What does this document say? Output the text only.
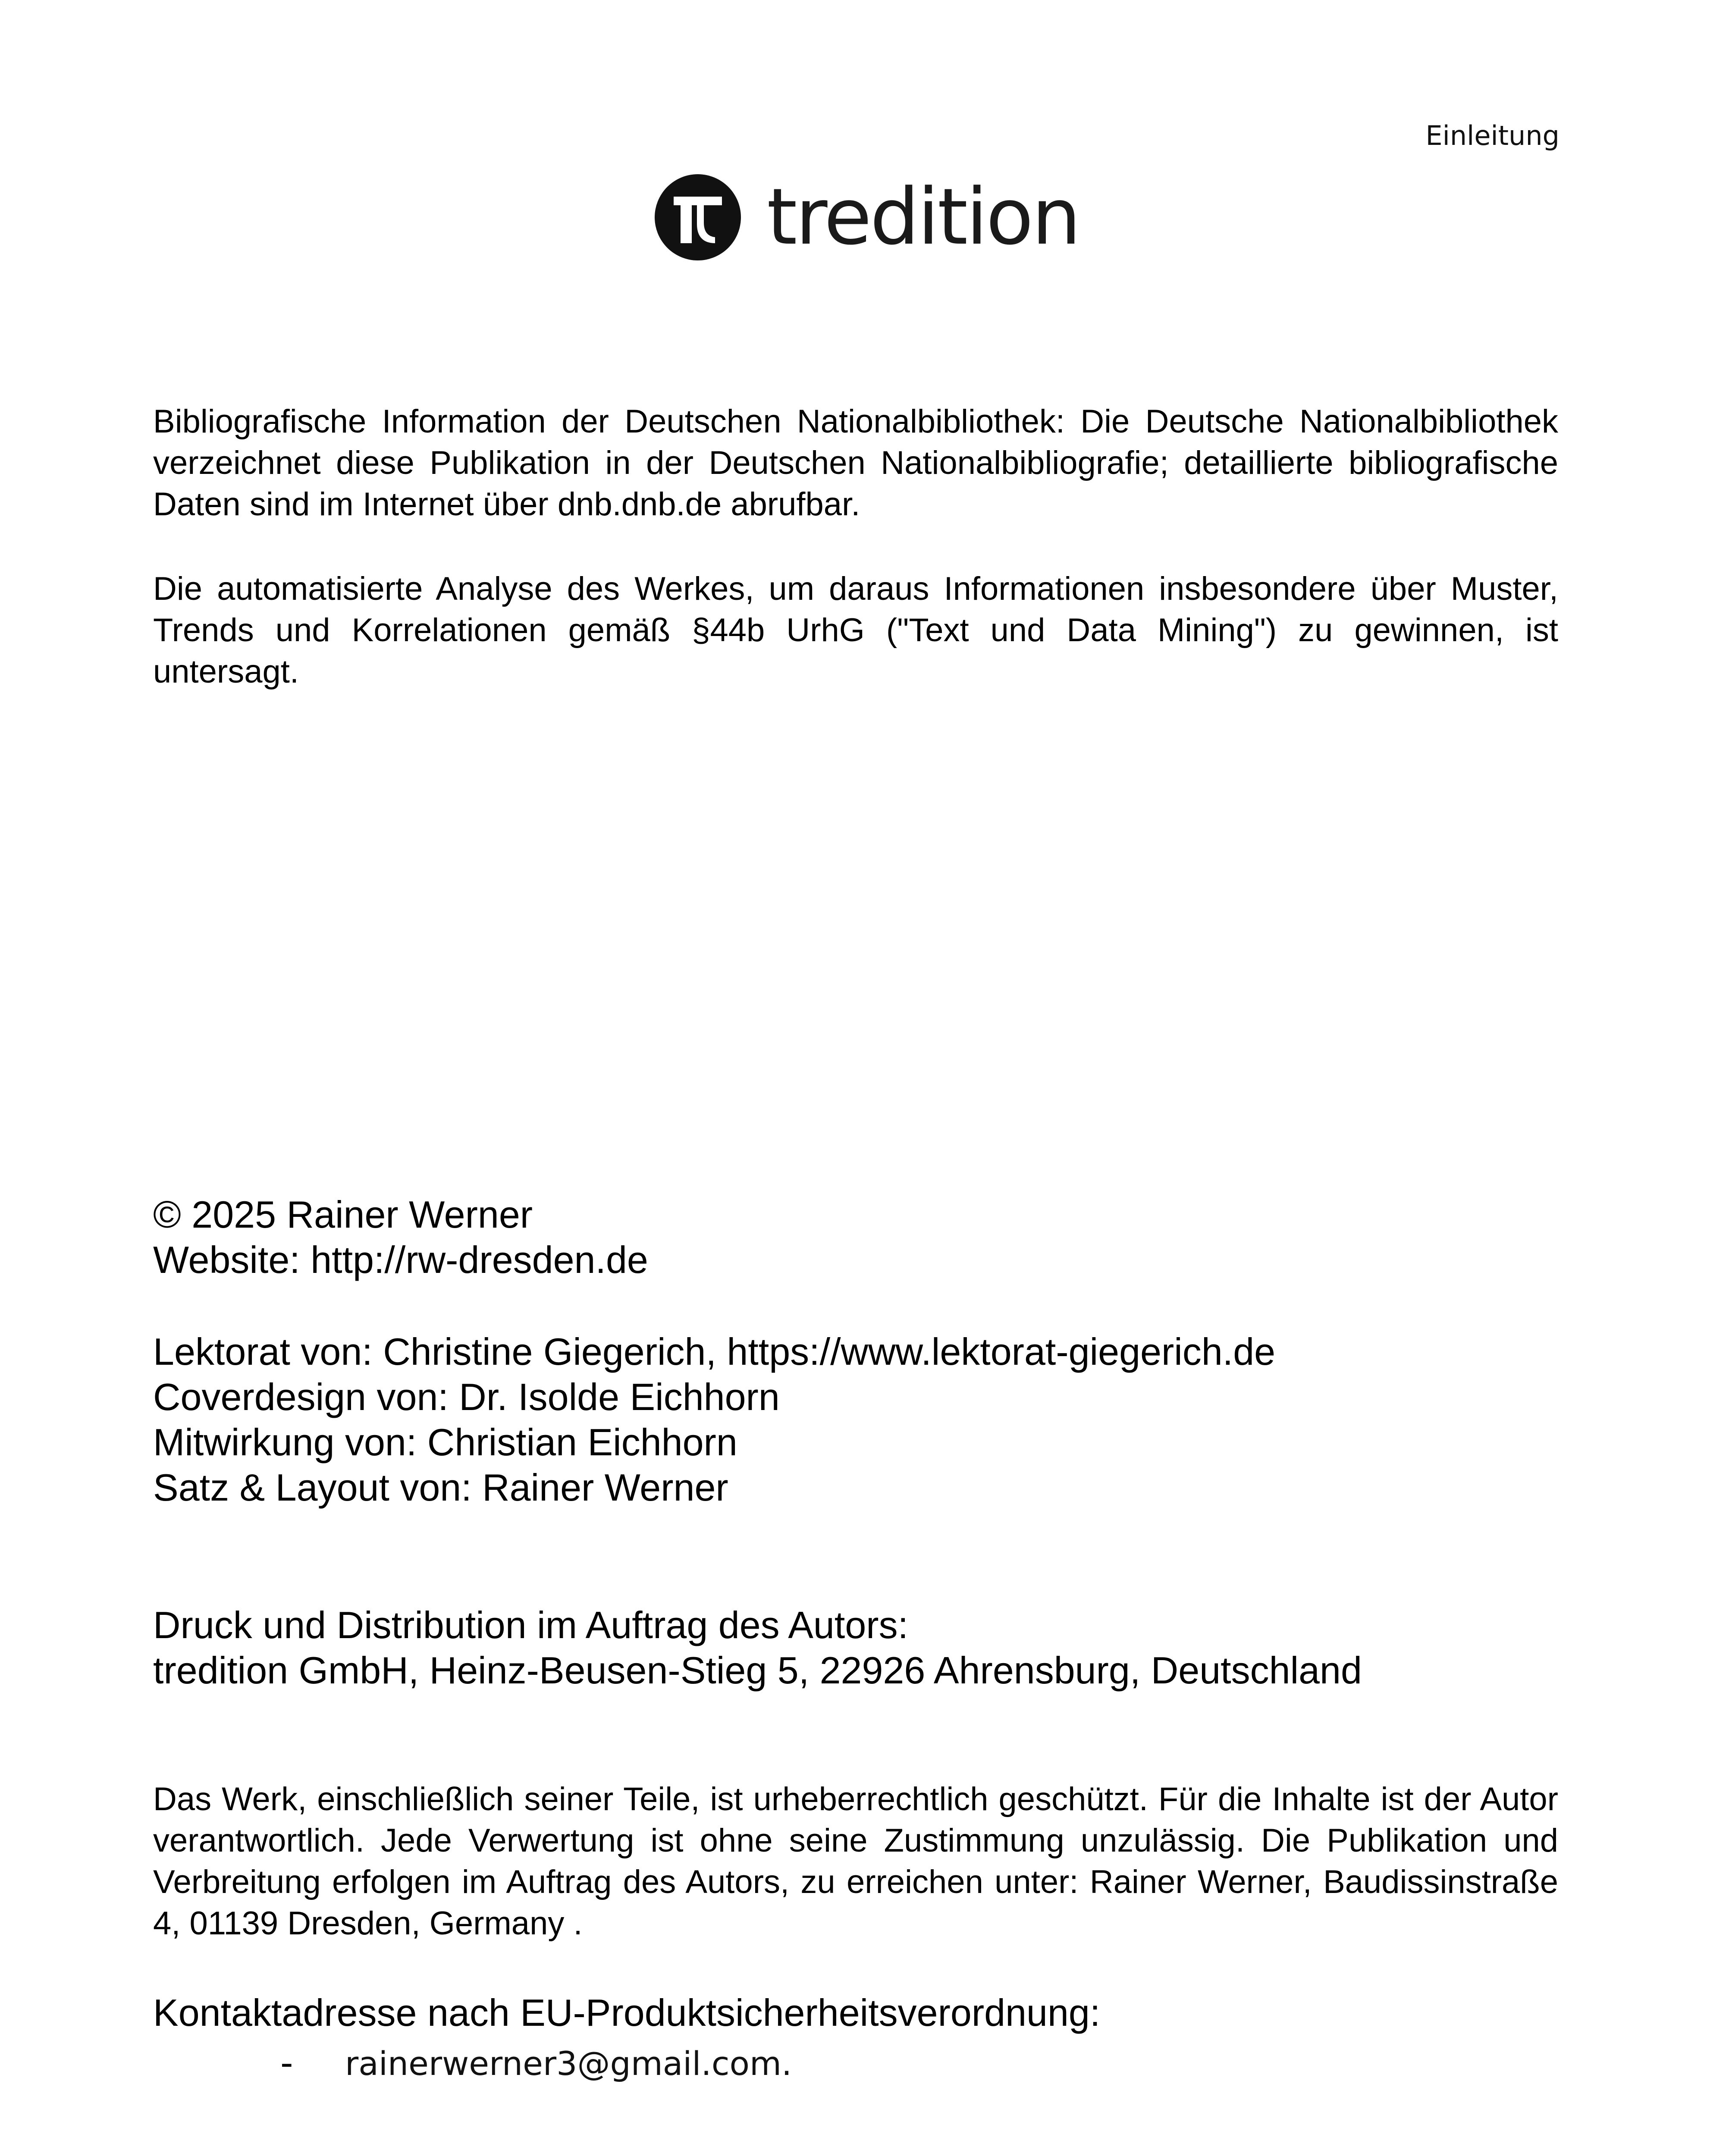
Einleitung
tredition

Bibliografische Information der Deutschen Nationalbibliothek: Die Deutsche Nationalbibliothek verzeichnet diese Publikation in der Deutschen Nationalbibliografie; detaillierte bibliografische Daten sind im Internet über dnb.dnb.de abrufbar.

Die automatisierte Analyse des Werkes, um daraus Informationen insbesondere über Muster, Trends und Korrelationen gemäß §44b UrhG ("Text und Data Mining") zu gewinnen, ist untersagt.

© 2025 Rainer Werner
Website: http://rw-dresden.de
Lektorat von: Christine Giegerich, https://www.lektorat-giegerich.de
Coverdesign von: Dr. Isolde Eichhorn
Mitwirkung von: Christian Eichhorn
Satz & Layout von: Rainer Werner
Druck und Distribution im Auftrag des Autors:
tredition GmbH, Heinz-Beusen-Stieg 5, 22926 Ahrensburg, Deutschland

Das Werk, einschließlich seiner Teile, ist urheberrechtlich geschützt. Für die Inhalte ist der Autor verantwortlich. Jede Verwertung ist ohne seine Zustimmung unzulässig. Die Publikation und Verbreitung erfolgen im Auftrag des Autors, zu erreichen unter: Rainer Werner, Baudissinstraße 4, 01139 Dresden, Germany .

Kontaktadresse nach EU-Produktsicherheitsverordnung:
-	rainerwerner3@gmail.com.
